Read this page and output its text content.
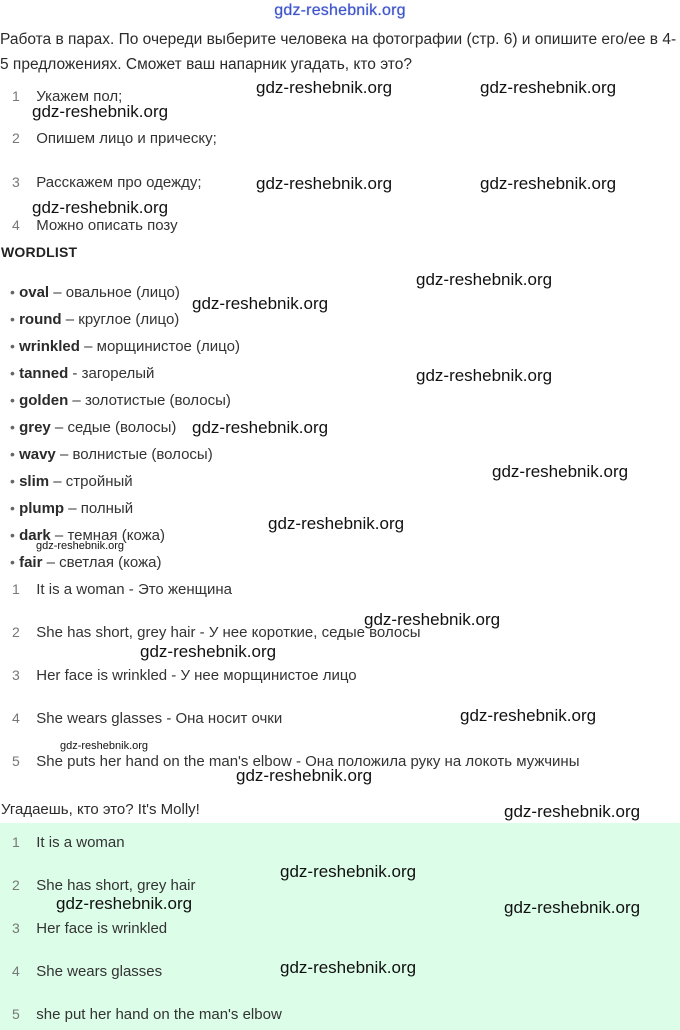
gdz-reshebnik.org
Работа в парах. По очереди выберите человека на фотографии (стр. 6) и опишите его/ее в 4-5 предложениях. Сможет ваш напарник угадать, кто это?
1 Укажем пол;
2 Опишем лицо и прическу;
3 Расскажем про одежду;
4 Можно описать позу
WORDLIST
• oval – овальное (лицо)
• round – круглое (лицо)
• wrinkled – морщинистое (лицо)
• tanned - загорелый
• golden – золотистые (волосы)
• grey – седые (волосы)
• wavy – волнистые (волосы)
• slim – стройный
• plump – полный
• dark – темная (кожа)
• fair – светлая (кожа)
1 It is a woman - Это женщина
2 She has short, grey hair - У нее короткие, седые волосы
3 Her face is wrinkled - У нее морщинистое лицо
4 She wears glasses - Она носит очки
5 She puts her hand on the man's elbow - Она положила руку на локоть мужчины
Угадаешь, кто это? It's Molly!
1 It is a woman
2 She has short, grey hair
3 Her face is wrinkled
4 She wears glasses
5 she put her hand on the man's elbow
gdz-reshebnik.org	gdz-reshebnik.org
gdz-reshebnik.org
gdz-reshebnik.org	gdz-reshebnik.org
gdz-reshebnik.org
gdz-reshebnik.org
gdz-reshebnik.org
gdz-reshebnik.org
gdz-reshebnik.org
gdz-reshebnik.org
gdz-reshebnik.org
gdz-reshebnik.org
gdz-reshebnik.org
gdz-reshebnik.org
gdz-reshebnik.org
gdz-reshebnik.org
gdz-reshebnik.org
gdz-reshebnik.org
gdz-reshebnik.org
gdz-reshebnik.org	gdz-reshebnik.org
gdz-reshebnik.org
